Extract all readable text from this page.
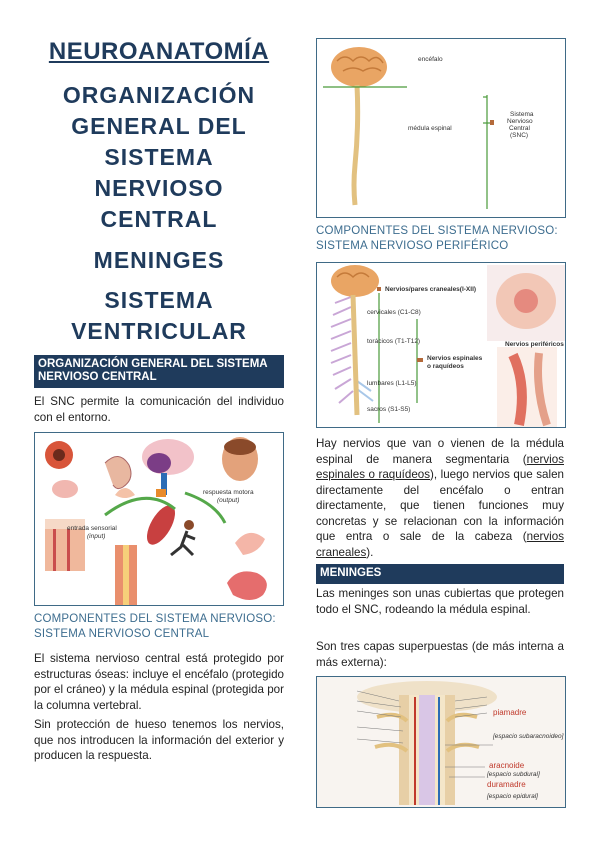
NEUROANATOMÍA
ORGANIZACIÓN
GENERAL DEL
SISTEMA
NERVIOSO
CENTRAL
MENINGES
SISTEMA
VENTRICULAR
ORGANIZACIÓN GENERAL DEL SISTEMA NERVIOSO CENTRAL
El SNC permite la comunicación del individuo con el entorno.
respuesta motora
(output)
entrada sensorial
(input)
COMPONENTES DEL SISTEMA NERVIOSO: SISTEMA NERVIOSO CENTRAL
El sistema nervioso central está protegido por estructuras óseas: incluye el encéfalo (protegido por el cráneo) y la médula espinal (protegida por la columna vertebral.
Sin protección de hueso tenemos los nervios, que nos introducen la información del exterior y producen la respuesta.
encéfalo
médula espinal
Sistema
Nervioso
Central
(SNC)
COMPONENTES DEL SISTEMA NERVIOSO: SISTEMA NERVIOSO PERIFÉRICO
Nervios/pares craneales(I-XII)
cervicales (C1-C8)
torácicos (T1-T12)
Nervios espinales
o raquídeos
lumbares (L1-L5)
sacros (S1-S5)
Nervios periféricos
Hay nervios que van o vienen de la médula espinal de manera segmentaria (nervios espinales o raquídeos), luego nervios que salen directamente del encéfalo o entran directamente, que tienen funciones muy concretas y se relacionan con la información que entra o sale de la cabeza (nervios craneales).
MENINGES
Las meninges son unas cubiertas que protegen todo el SNC, rodeando la médula espinal.
Son tres capas superpuestas (de más interna a más externa):
piamadre
[espacio subaracnoideo]
aracnoide
[espacio subdural]
duramadre
[espacio epidural]
